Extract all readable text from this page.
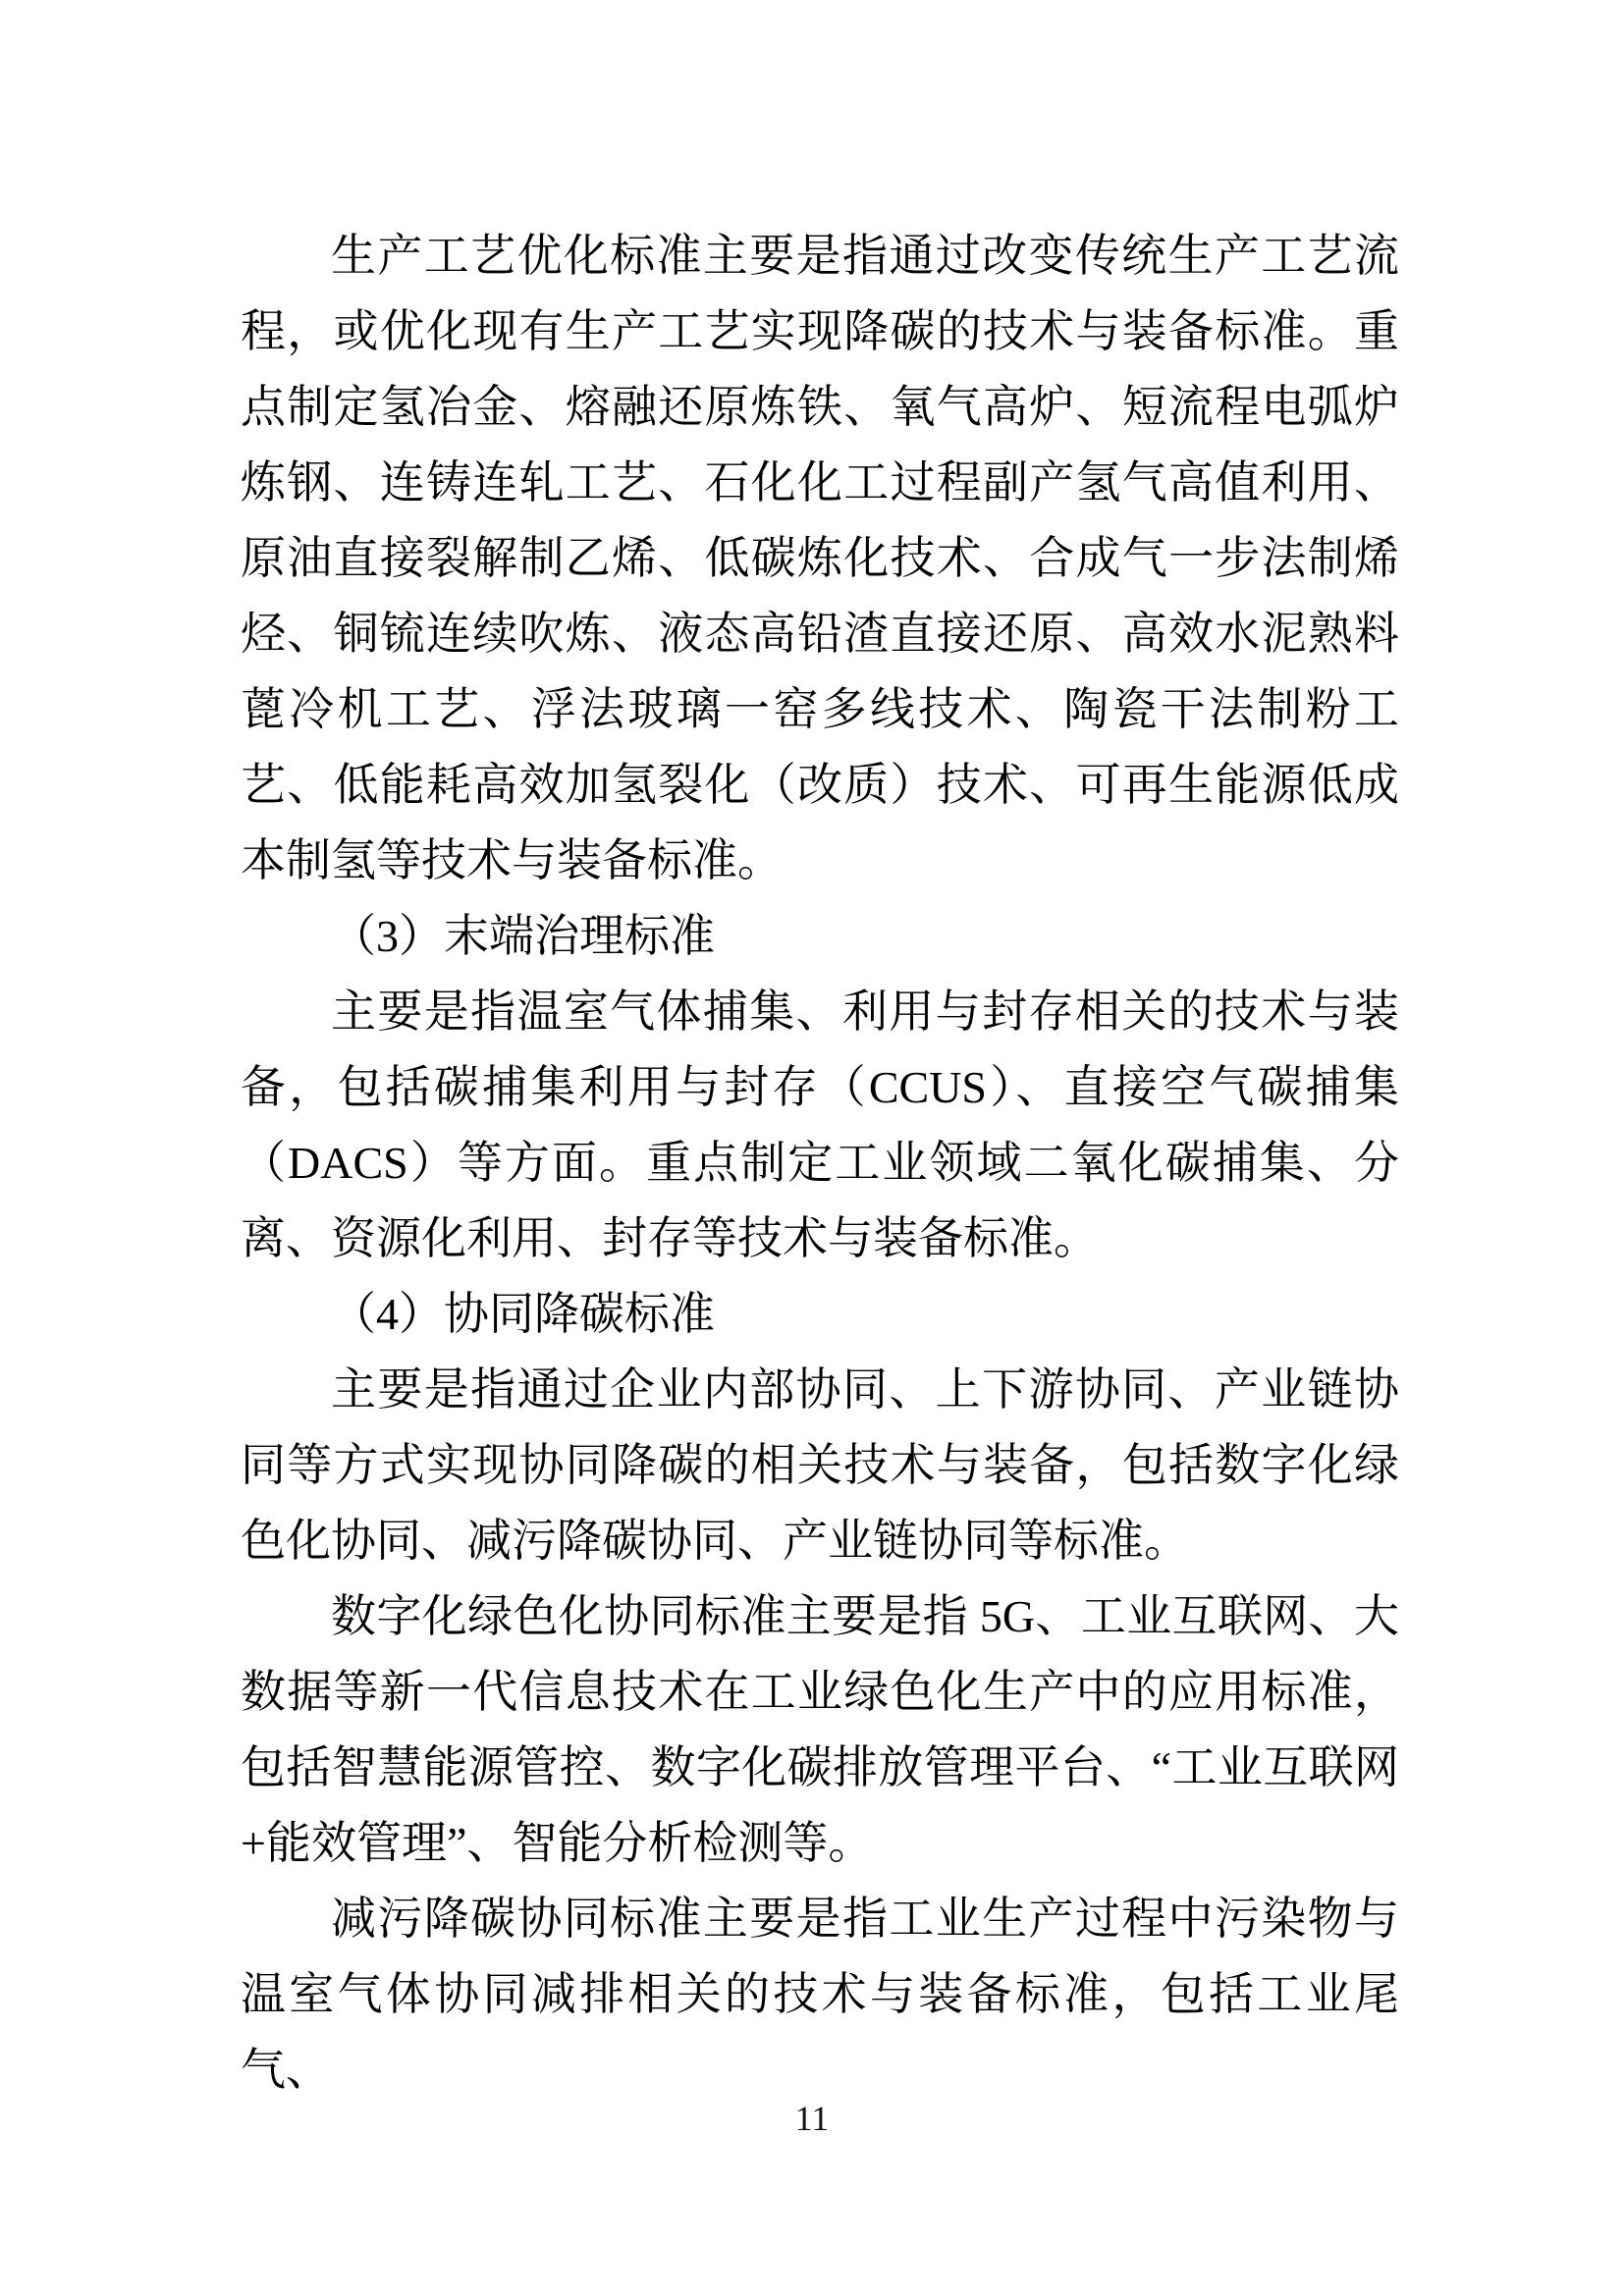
生产工艺优化标准主要是指通过改变传统生产工艺流程，或优化现有生产工艺实现降碳的技术与装备标准。重点制定氢冶金、熔融还原炼铁、氧气高炉、短流程电弧炉炼钢、连铸连轧工艺、石化化工过程副产氢气高值利用、原油直接裂解制乙烯、低碳炼化技术、合成气一步法制烯烃、铜锍连续吹炼、液态高铅渣直接还原、高效水泥熟料蓖冷机工艺、浮法玻璃一窑多线技术、陶瓷干法制粉工艺、低能耗高效加氢裂化（改质）技术、可再生能源低成本制氢等技术与装备标准。

（3）末端治理标准

主要是指温室气体捕集、利用与封存相关的技术与装备，包括碳捕集利用与封存（CCUS）、直接空气碳捕集（DACS）等方面。重点制定工业领域二氧化碳捕集、分离、资源化利用、封存等技术与装备标准。

（4）协同降碳标准

主要是指通过企业内部协同、上下游协同、产业链协同等方式实现协同降碳的相关技术与装备，包括数字化绿色化协同、减污降碳协同、产业链协同等标准。

数字化绿色化协同标准主要是指 5G、工业互联网、大数据等新一代信息技术在工业绿色化生产中的应用标准，包括智慧能源管控、数字化碳排放管理平台、“工业互联网+能效管理”、智能分析检测等。

减污降碳协同标准主要是指工业生产过程中污染物与温室气体协同减排相关的技术与装备标准，包括工业尾气、

11
